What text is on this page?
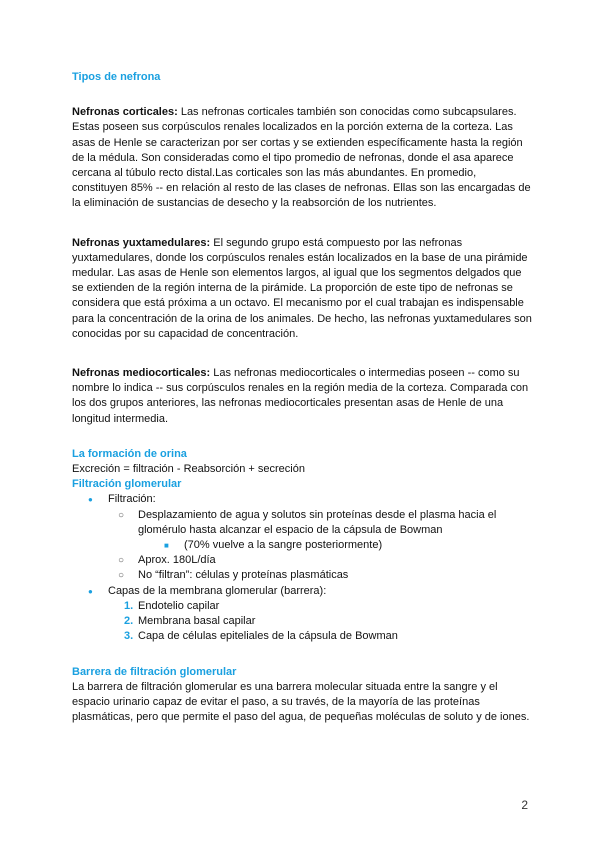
Tipos de nefrona

Nefronas corticales: Las nefronas corticales también son conocidas como subcapsulares. Estas poseen sus corpúsculos renales localizados en la porción externa de la corteza. Las asas de Henle se caracterizan por ser cortas y se extienden específicamente hasta la región de la médula. Son consideradas como el tipo promedio de nefronas, donde el asa aparece cercana al túbulo recto distal.Las corticales son las más abundantes. En promedio, constituyen 85% -- en relación al resto de las clases de nefronas. Ellas son las encargadas de la eliminación de sustancias de desecho y la reabsorción de los nutrientes.

Nefronas yuxtamedulares: El segundo grupo está compuesto por las nefronas yuxtamedulares, donde los corpúsculos renales están localizados en la base de una pirámide medular. Las asas de Henle son elementos largos, al igual que los segmentos delgados que se extienden de la región interna de la pirámide. La proporción de este tipo de nefronas se considera que está próxima a un octavo. El mecanismo por el cual trabajan es indispensable para la concentración de la orina de los animales. De hecho, las nefronas yuxtamedulares son conocidas por su capacidad de concentración.

Nefronas mediocorticales: Las nefronas mediocorticales o intermedias poseen -- como su nombre lo indica -- sus corpúsculos renales en la región media de la corteza. Comparada con los dos grupos anteriores, las nefronas mediocorticales presentan asas de Henle de una longitud intermedia.

La formación de orina

Excreción = filtración - Reabsorción + secreción

Filtración glomerular
● Filtración:
○ Desplazamiento de agua y solutos sin proteínas desde el plasma hacia el glomérulo hasta alcanzar el espacio de la cápsula de Bowman
■ (70% vuelve a la sangre posteriormente)
○ Aprox. 180L/día
○ No “filtran”: células y proteínas plasmáticas
● Capas de la membrana glomerular (barrera):
1. Endotelio capilar
2. Membrana basal capilar
3. Capa de células epiteliales de la cápsula de Bowman
Barrera de filtración glomerular

La barrera de filtración glomerular es una barrera molecular situada entre la sangre y el espacio urinario capaz de evitar el paso, a su través, de la mayoría de las proteínas plasmáticas, pero que permite el paso del agua, de pequeñas moléculas de soluto y de iones.

2
